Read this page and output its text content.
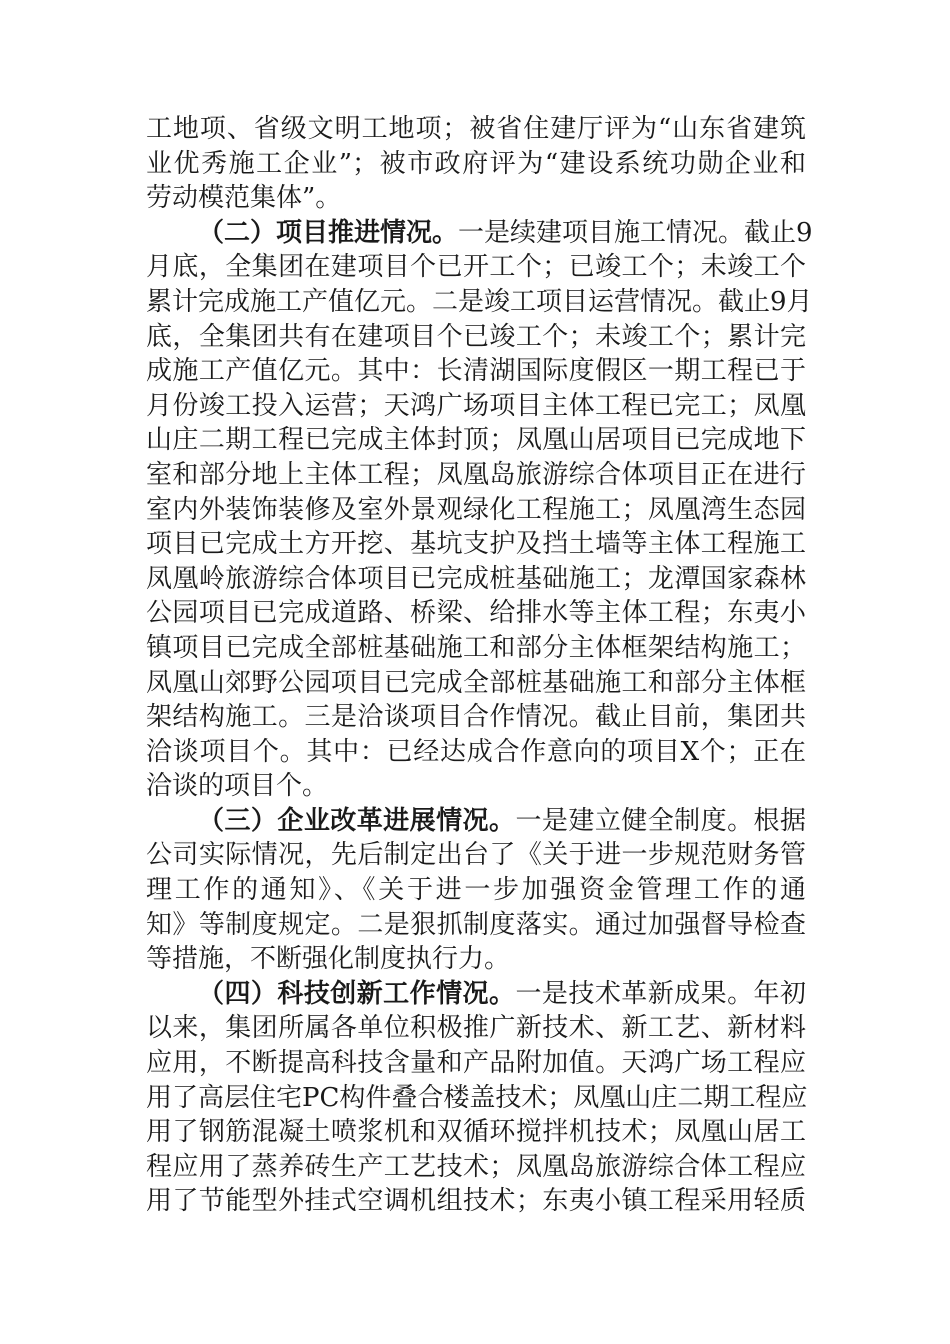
工地项、省级文明工地项；被省住建厅评为“山东省建筑
业优秀施工企业”；被市政府评为“建设系统功勋企业和
劳动模范集体”。
（二）项目推进情况。一是续建项目施工情况。截止9
月底，全集团在建项目个已开工个；已竣工个；未竣工个
累计完成施工产值亿元。二是竣工项目运营情况。截止9月
底，全集团共有在建项目个已竣工个；未竣工个；累计完
成施工产值亿元。其中：长清湖国际度假区一期工程已于
月份竣工投入运营；天鸿广场项目主体工程已完工；凤凰
山庄二期工程已完成主体封顶；凤凰山居项目已完成地下
室和部分地上主体工程；凤凰岛旅游综合体项目正在进行
室内外装饰装修及室外景观绿化工程施工；凤凰湾生态园
项目已完成土方开挖、基坑支护及挡土墙等主体工程施工
凤凰岭旅游综合体项目已完成桩基础施工；龙潭国家森林
公园项目已完成道路、桥梁、给排水等主体工程；东夷小
镇项目已完成全部桩基础施工和部分主体框架结构施工；
凤凰山郊野公园项目已完成全部桩基础施工和部分主体框
架结构施工。三是洽谈项目合作情况。截止目前，集团共
洽谈项目个。其中：已经达成合作意向的项目X个；正在
洽谈的项目个。
（三）企业改革进展情况。一是建立健全制度。根据
公司实际情况，先后制定出台了《关于进一步规范财务管
理工作的通知》、《关于进一步加强资金管理工作的通
知》等制度规定。二是狠抓制度落实。通过加强督导检查
等措施，不断强化制度执行力。
（四）科技创新工作情况。一是技术革新成果。年初
以来，集团所属各单位积极推广新技术、新工艺、新材料
应用，不断提高科技含量和产品附加值。天鸿广场工程应
用了高层住宅PC构件叠合楼盖技术；凤凰山庄二期工程应
用了钢筋混凝土喷浆机和双循环搅拌机技术；凤凰山居工
程应用了蒸养砖生产工艺技术；凤凰岛旅游综合体工程应
用了节能型外挂式空调机组技术；东夷小镇工程采用轻质
